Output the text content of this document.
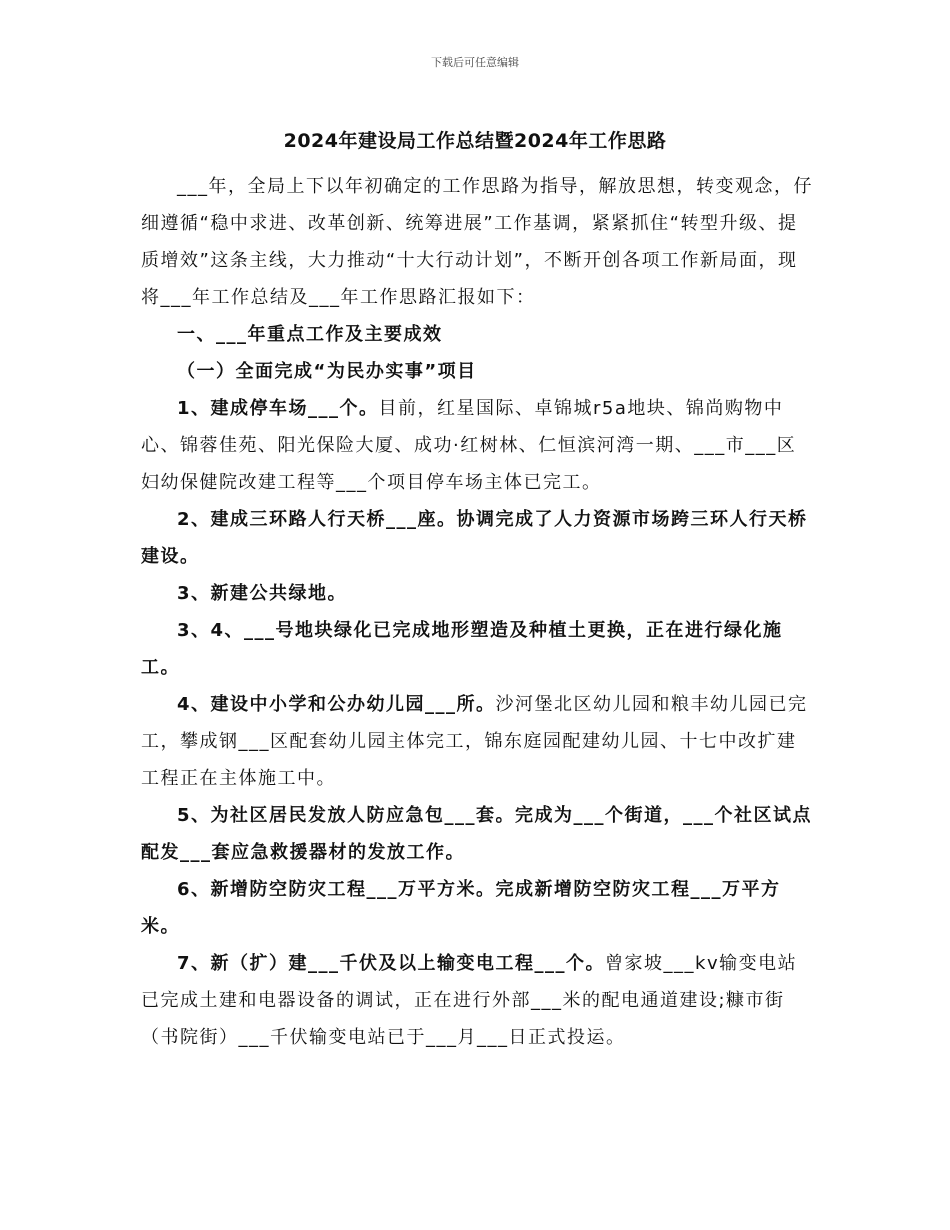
下载后可任意编辑
2024年建设局工作总结暨2024年工作思路

___年，全局上下以年初确定的工作思路为指导，解放思想，转变观念，仔细遵循“稳中求进、改革创新、统筹进展”工作基调，紧紧抓住“转型升级、提质增效”这条主线，大力推动“十大行动计划”，不断开创各项工作新局面，现将___年工作总结及___年工作思路汇报如下：

一、___年重点工作及主要成效

（一）全面完成“为民办实事”项目

1、建成停车场___个。目前，红星国际、卓锦城r5a地块、锦尚购物中心、锦蓉佳苑、阳光保险大厦、成功·红树林、仁恒滨河湾一期、___市___区妇幼保健院改建工程等___个项目停车场主体已完工。

2、建成三环路人行天桥___座。协调完成了人力资源市场跨三环人行天桥建设。

3、新建公共绿地。

3、4、___号地块绿化已完成地形塑造及种植土更换，正在进行绿化施工。

4、建设中小学和公办幼儿园___所。沙河堡北区幼儿园和粮丰幼儿园已完工，攀成钢___区配套幼儿园主体完工，锦东庭园配建幼儿园、十七中改扩建工程正在主体施工中。

5、为社区居民发放人防应急包___套。完成为___个街道，___个社区试点配发___套应急救援器材的发放工作。

6、新增防空防灾工程___万平方米。完成新增防空防灾工程___万平方米。

7、新（扩）建___千伏及以上输变电工程___个。曾家坡___kv输变电站已完成土建和电器设备的调试，正在进行外部___米的配电通道建设;糠市街（书院街）___千伏输变电站已于___月___日正式投运。
